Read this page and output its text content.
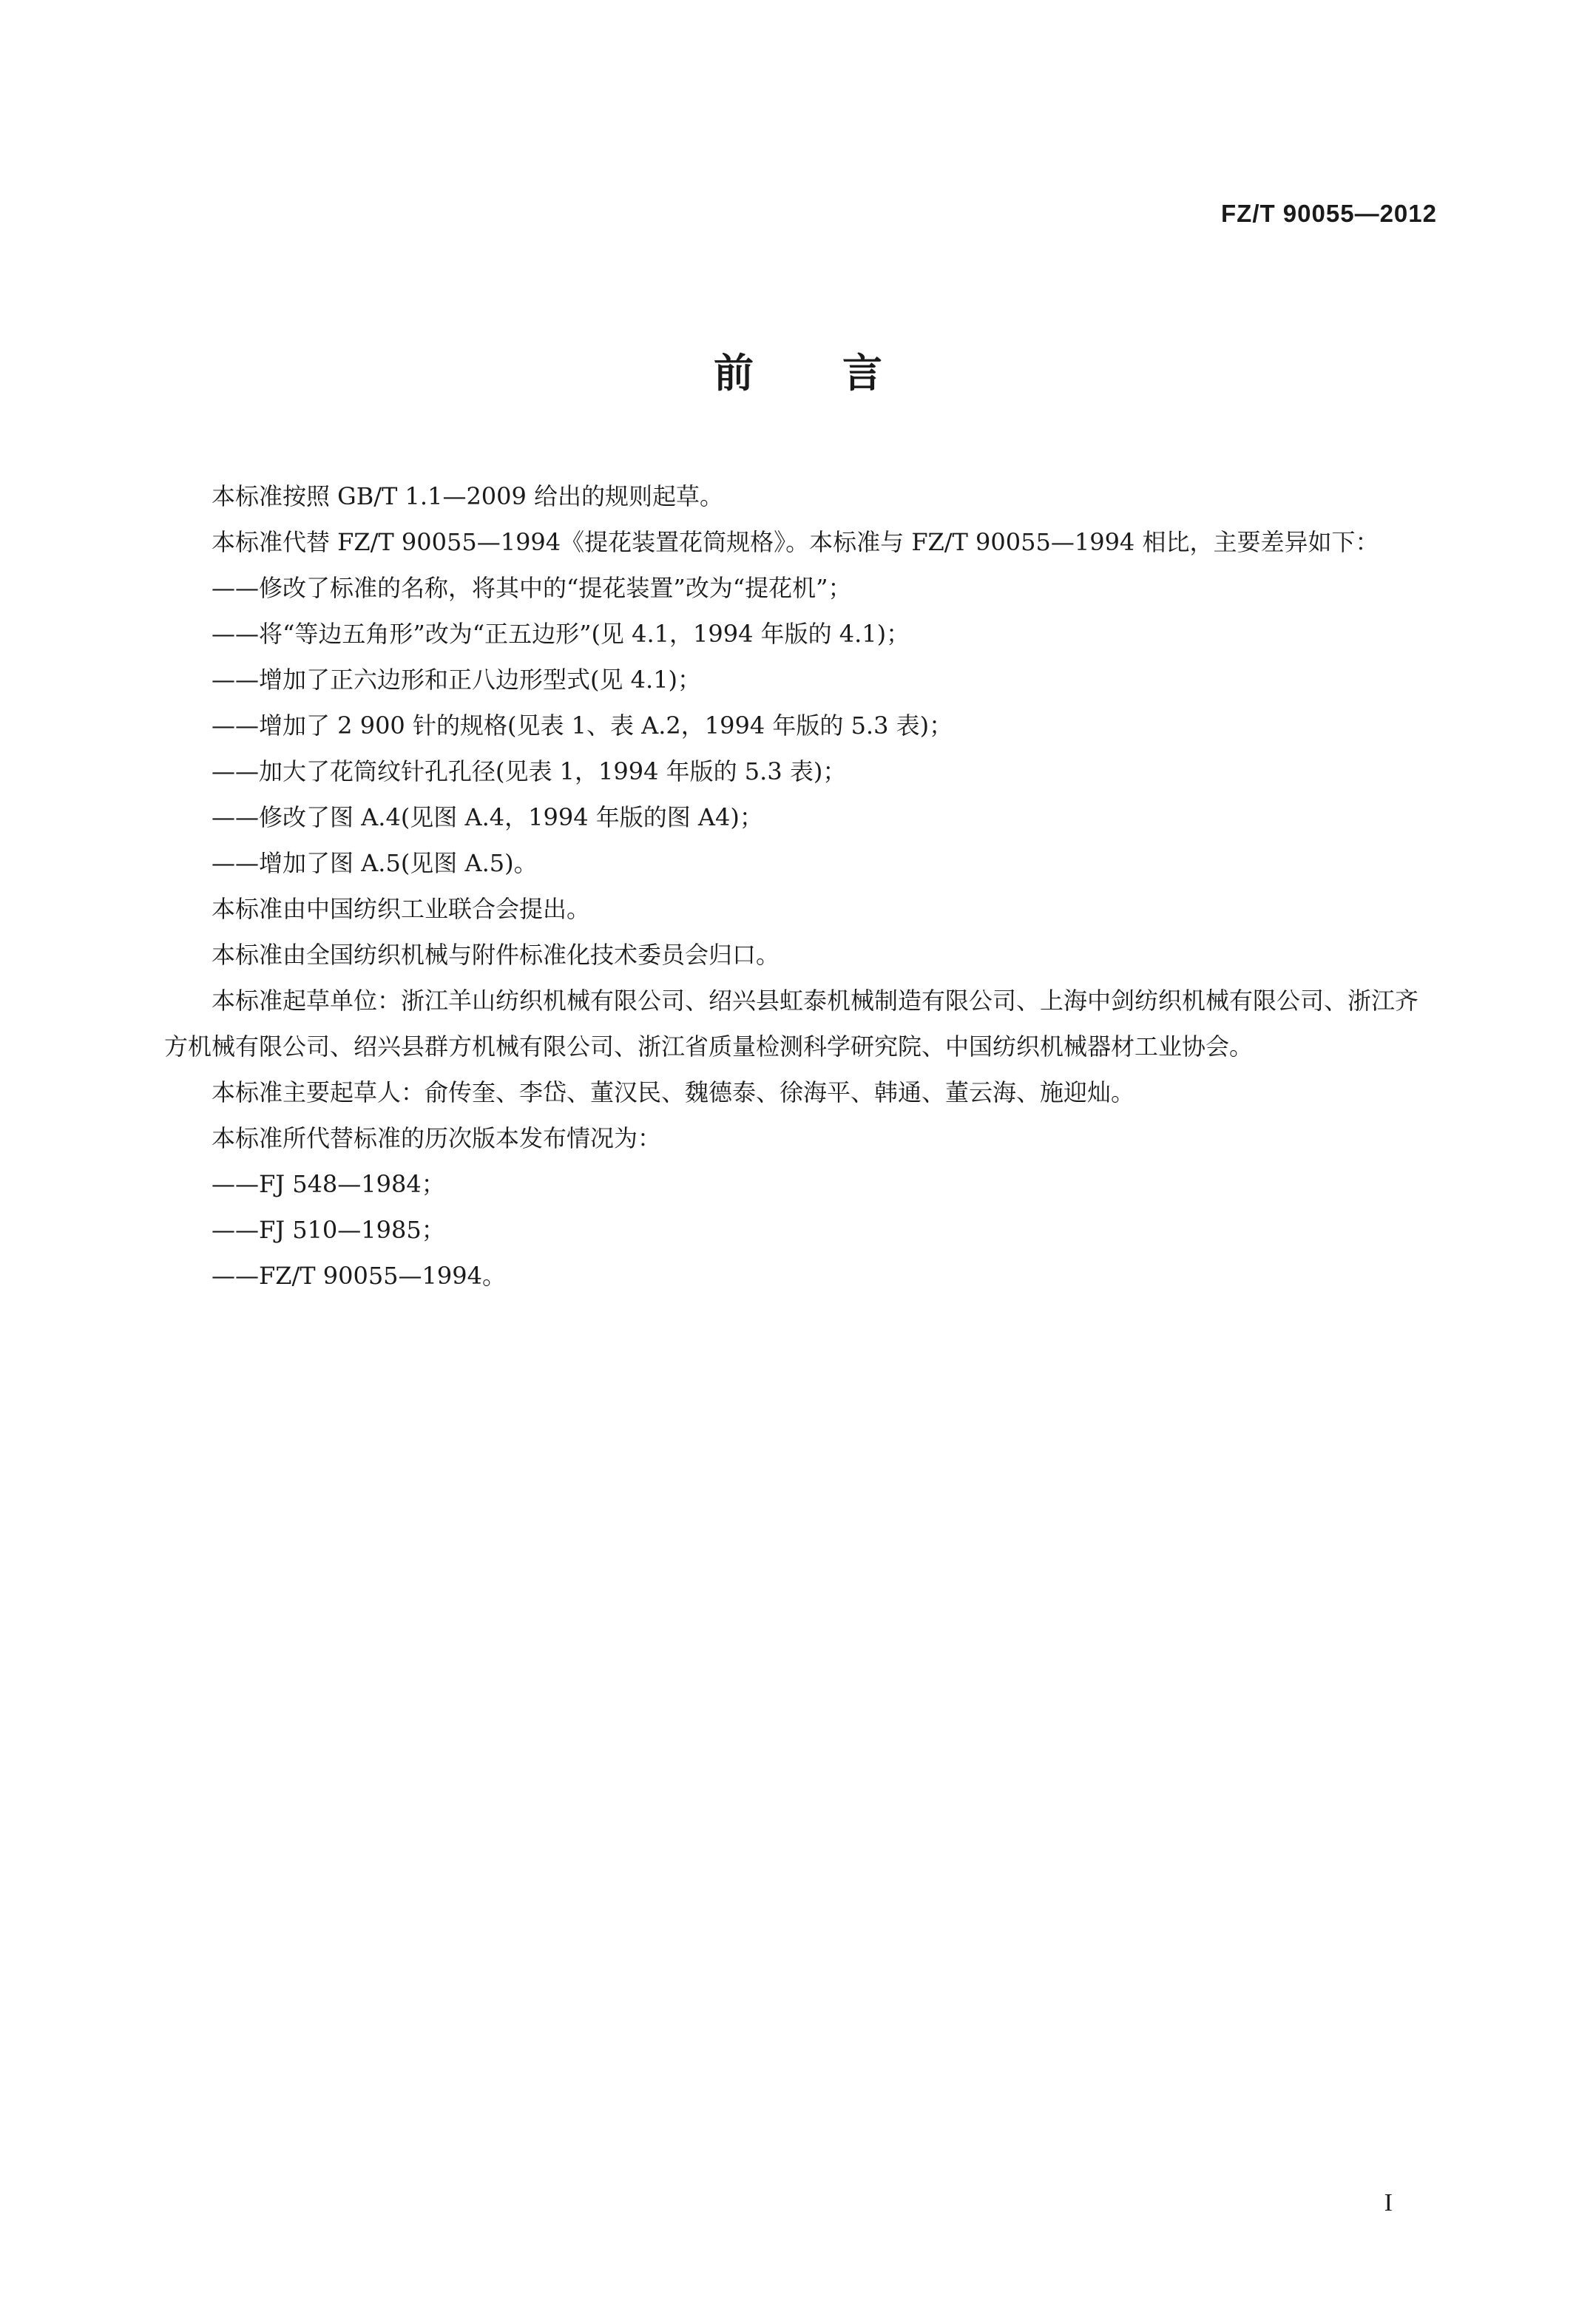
FZ/T 90055—2012
前言

本标准按照 GB/T 1.1—2009 给出的规则起草。

本标准代替 FZ/T 90055—1994《提花装置花筒规格》。本标准与 FZ/T 90055—1994 相比，主要差异如下：

——修改了标准的名称，将其中的“提花装置”改为“提花机”；

——将“等边五角形”改为“正五边形”(见 4.1，1994 年版的 4.1)；

——增加了正六边形和正八边形型式(见 4.1)；

——增加了 2 900 针的规格(见表 1、表 A.2，1994 年版的 5.3 表)；

——加大了花筒纹针孔孔径(见表 1，1994 年版的 5.3 表)；

——修改了图 A.4(见图 A.4，1994 年版的图 A4)；

——增加了图 A.5(见图 A.5)。

本标准由中国纺织工业联合会提出。

本标准由全国纺织机械与附件标准化技术委员会归口。

本标准起草单位：浙江羊山纺织机械有限公司、绍兴县虹泰机械制造有限公司、上海中剑纺织机械有限公司、浙江齐方机械有限公司、绍兴县群方机械有限公司、浙江省质量检测科学研究院、中国纺织机械器材工业协会。

本标准主要起草人：俞传奎、李岱、董汉民、魏德泰、徐海平、韩通、董云海、施迎灿。

本标准所代替标准的历次版本发布情况为：

——FJ 548—1984；

——FJ 510—1985；

——FZ/T 90055—1994。

I
